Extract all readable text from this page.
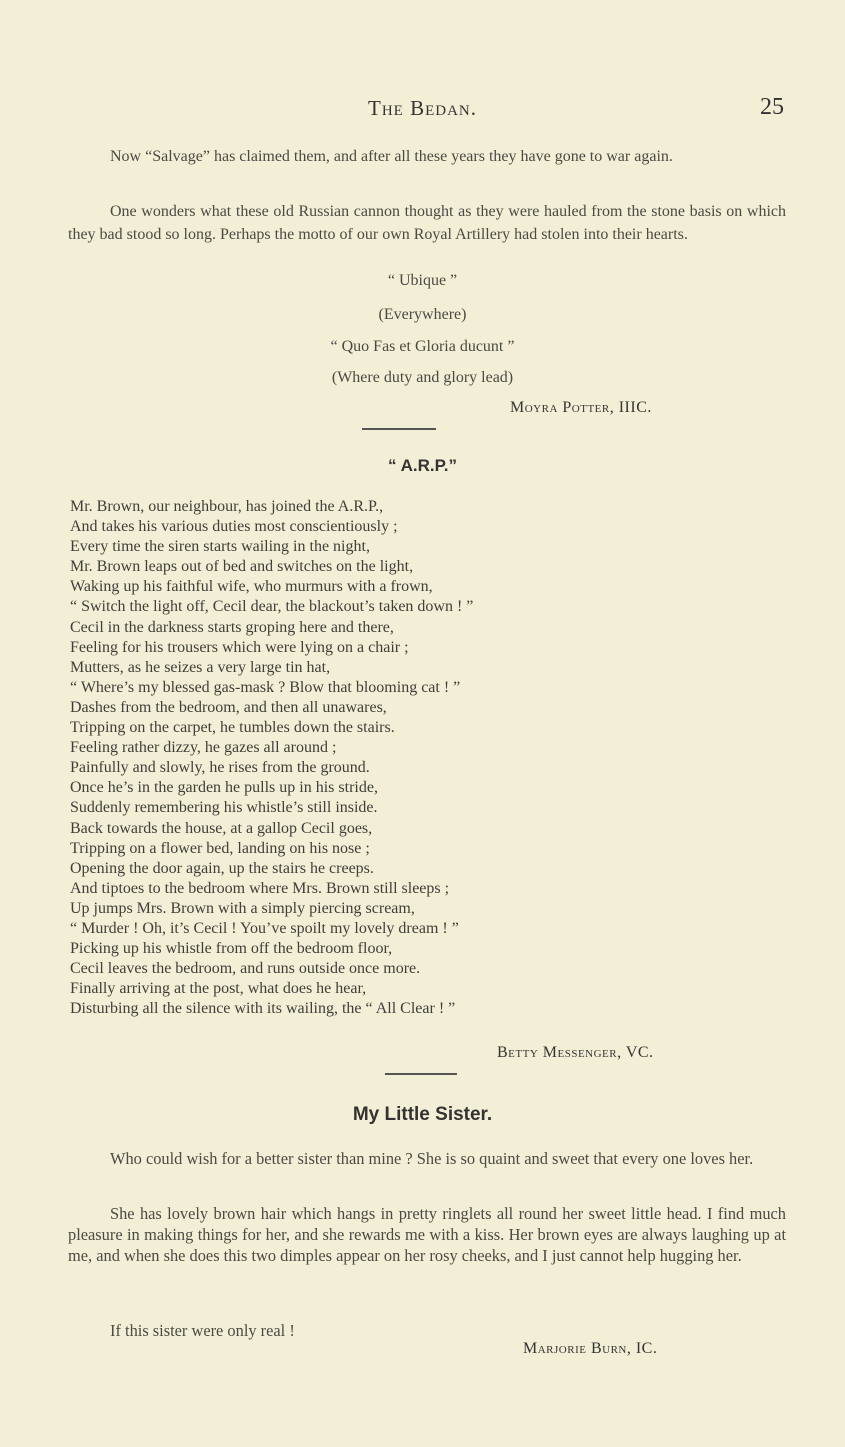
The Bedan.	25
Now “Salvage” has claimed them, and after all these years they have gone to war again.
One wonders what these old Russian cannon thought as they were hauled from the stone basis on which they bad stood so long. Perhaps the motto of our own Royal Artillery had stolen into their hearts.
“ Ubique ”
(Everywhere)
“ Quo Fas et Gloria ducunt ”
(Where duty and glory lead)
Moyra Potter, IIIC.
“ A.R.P.”
Mr. Brown, our neighbour, has joined the A.R.P.,
And takes his various duties most conscientiously ;
Every time the siren starts wailing in the night,
Mr. Brown leaps out of bed and switches on the light,
Waking up his faithful wife, who murmurs with a frown,
“ Switch the light off, Cecil dear, the blackout’s taken down ! ”
Cecil in the darkness starts groping here and there,
Feeling for his trousers which were lying on a chair ;
Mutters, as he seizes a very large tin hat,
“ Where’s my blessed gas-mask ? Blow that blooming cat ! ”
Dashes from the bedroom, and then all unawares,
Tripping on the carpet, he tumbles down the stairs.
Feeling rather dizzy, he gazes all around ;
Painfully and slowly, he rises from the ground.
Once he’s in the garden he pulls up in his stride,
Suddenly remembering his whistle’s still inside.
Back towards the house, at a gallop Cecil goes,
Tripping on a flower bed, landing on his nose ;
Opening the door again, up the stairs he creeps.
And tiptoes to the bedroom where Mrs. Brown still sleeps ;
Up jumps Mrs. Brown with a simply piercing scream,
“ Murder ! Oh, it’s Cecil ! You’ve spoilt my lovely dream ! ”
Picking up his whistle from off the bedroom floor,
Cecil leaves the bedroom, and runs outside once more.
Finally arriving at the post, what does he hear,
Disturbing all the silence with its wailing, the “ All Clear ! ”
Betty Messenger, VC.
My Little Sister.
Who could wish for a better sister than mine ? She is so quaint and sweet that every one loves her.
She has lovely brown hair which hangs in pretty ringlets all round her sweet little head. I find much pleasure in making things for her, and she rewards me with a kiss. Her brown eyes are always laughing up at me, and when she does this two dimples appear on her rosy cheeks, and I just cannot help hugging her.
If this sister were only real !
Marjorie Burn, IC.
